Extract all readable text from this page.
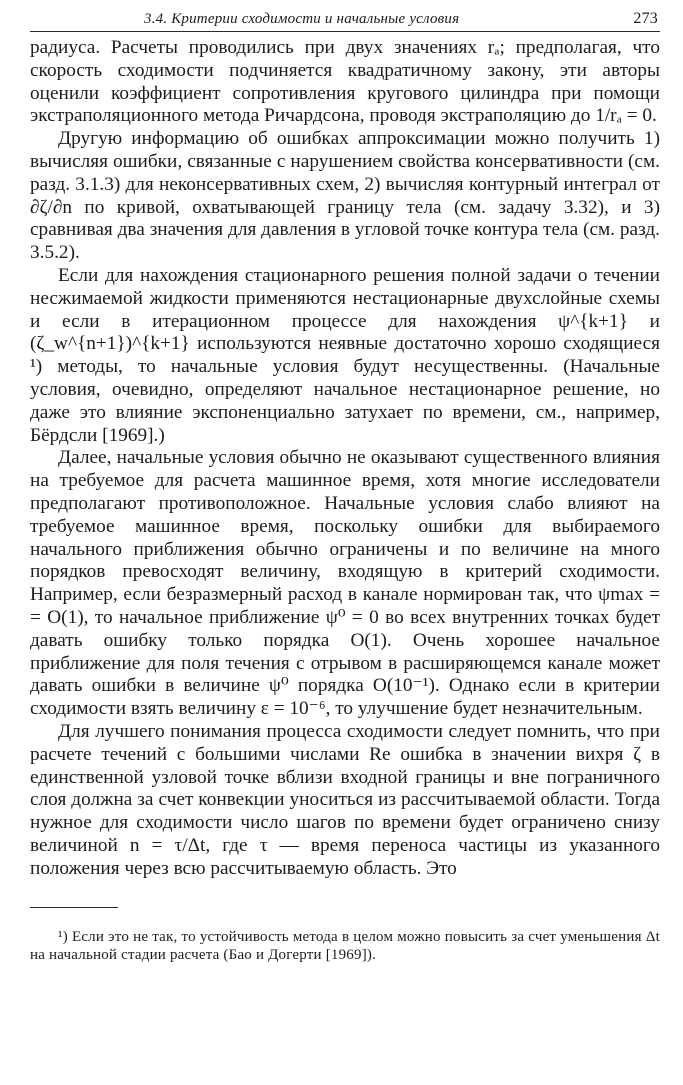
3.4. Критерии сходимости и начальные условия	273

радиуса. Расчеты проводились при двух значениях rₐ; предполагая, что скорость сходимости подчиняется квадратичному закону, эти авторы оценили коэффициент сопротивления кругового цилиндра при помощи экстраполяционного метода Ричардсона, проводя экстраполяцию до 1/rₐ = 0.

Другую информацию об ошибках аппроксимации можно получить 1) вычисляя ошибки, связанные с нарушением свойства консервативности (см. разд. 3.1.3) для неконсервативных схем, 2) вычисляя контурный интеграл от ∂ζ/∂n по кривой, охватывающей границу тела (см. задачу 3.32), и 3) сравнивая два значения для давления в угловой точке контура тела (см. разд. 3.5.2).

Если для нахождения стационарного решения полной задачи о течении несжимаемой жидкости применяются нестационарные двухслойные схемы и если в итерационном процессе для нахождения ψ^{k+1} и (ζ_w^{n+1})^{k+1} используются неявные достаточно хорошо сходящиеся ¹) методы, то начальные условия будут несущественны. (Начальные условия, очевидно, определяют начальное нестационарное решение, но даже это влияние экспоненциально затухает по времени, см., например, Бёрдсли [1969].)

Далее, начальные условия обычно не оказывают существенного влияния на требуемое для расчета машинное время, хотя многие исследователи предполагают противоположное. Начальные условия слабо влияют на требуемое машинное время, поскольку ошибки для выбираемого начального приближения обычно ограничены и по величине на много порядков превосходят величину, входящую в критерий сходимости. Например, если безразмерный расход в канале нормирован так, что ψmax = = O(1), то начальное приближение ψ⁰ = 0 во всех внутренних точках будет давать ошибку только порядка O(1). Очень хорошее начальное приближение для поля течения с отрывом в расширяющемся канале может давать ошибки в величине ψ⁰ порядка O(10⁻¹). Однако если в критерии сходимости взять величину ε = 10⁻⁶, то улучшение будет незначительным.

Для лучшего понимания процесса сходимости следует помнить, что при расчете течений с большими числами Re ошибка в значении вихря ζ в единственной узловой точке вблизи входной границы и вне пограничного слоя должна за счет конвекции уноситься из рассчитываемой области. Тогда нужное для сходимости число шагов по времени будет ограничено снизу величиной n = τ/Δt, где τ — время переноса частицы из указанного положения через всю рассчитываемую область. Это

¹) Если это не так, то устойчивость метода в целом можно повысить за счет уменьшения Δt на начальной стадии расчета (Бао и Догерти [1969]).
